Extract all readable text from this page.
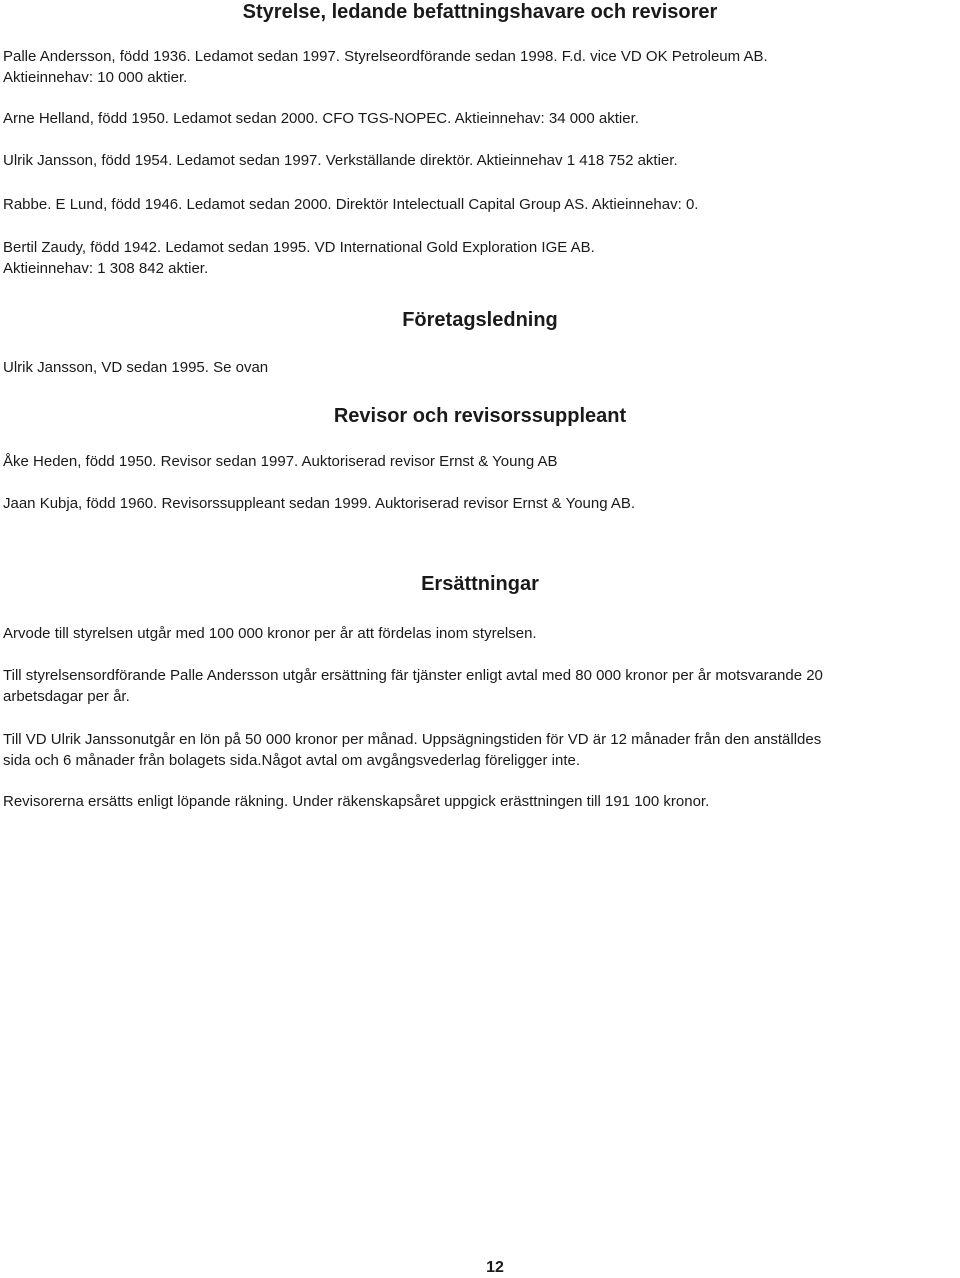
Styrelse, ledande befattningshavare och revisorer

Palle Andersson, född 1936. Ledamot sedan 1997. Styrelseordförande sedan 1998. F.d. vice VD OK Petroleum AB.
Aktieinnehav: 10 000 aktier.

Arne Helland, född 1950. Ledamot sedan 2000. CFO TGS-NOPEC. Aktieinnehav: 34 000 aktier.

Ulrik Jansson, född 1954. Ledamot sedan 1997. Verkställande direktör. Aktieinnehav 1 418 752 aktier.

Rabbe. E Lund, född 1946. Ledamot sedan 2000. Direktör Intelectuall Capital Group AS. Aktieinnehav: 0.

Bertil Zaudy, född 1942. Ledamot sedan 1995. VD International Gold Exploration IGE AB.
Aktieinnehav: 1 308 842 aktier.

Företagsledning

Ulrik Jansson, VD sedan 1995. Se ovan

Revisor och revisorssuppleant

Åke Heden, född 1950. Revisor sedan 1997. Auktoriserad revisor Ernst & Young AB

Jaan Kubja, född 1960. Revisorssuppleant sedan 1999. Auktoriserad revisor Ernst & Young AB.

Ersättningar

Arvode till styrelsen utgår med 100 000 kronor per år att fördelas inom styrelsen.

Till styrelsensordförande Palle Andersson utgår ersättning fär tjänster enligt avtal med 80 000 kronor per år motsvarande 20
arbetsdagar per år.

Till VD Ulrik Janssonutgår en lön på 50 000 kronor per månad. Uppsägningstiden för VD är 12 månader från den anställdes
sida och 6 månader från bolagets sida.Något avtal om avgångsvederlag föreligger inte.

Revisorerna ersätts enligt löpande räkning. Under räkenskapsåret uppgick erästtningen till 191 100 kronor.

12
